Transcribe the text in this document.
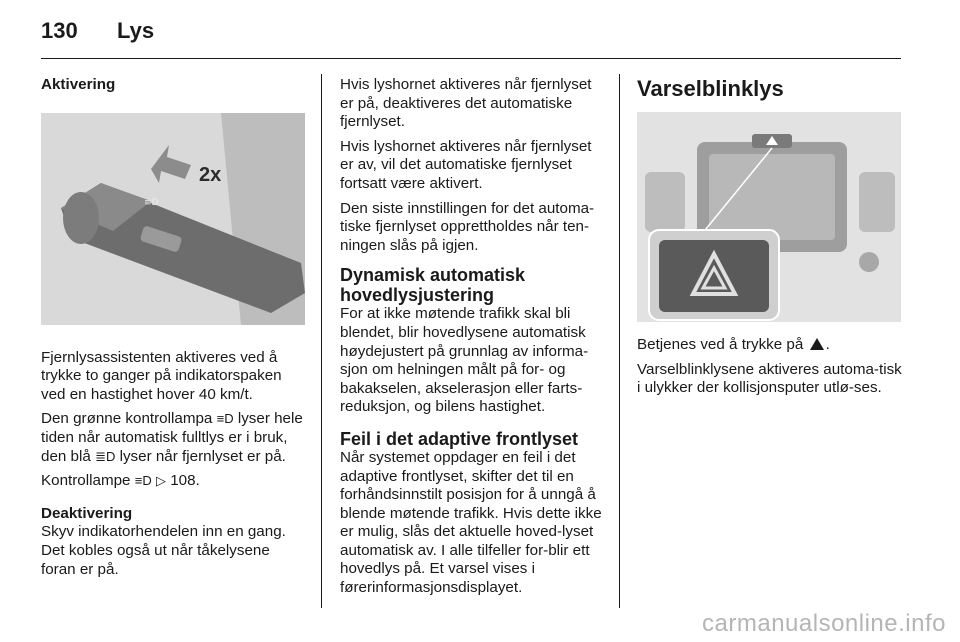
130 Lys
Aktivering
≡D
2x

Fjernlysassistenten aktiveres ved å trykke to ganger på indikatorspaken ved en hastighet hover 40 km/t.

Den grønne kontrollampa ≡D lyser hele tiden når automatisk fulltlys er i bruk, den blå ≣D lyser når fjernlyset er på.

Kontrollampe ≡D ▷ 108.

Deaktivering

Skyv indikatorhendelen inn en gang. Det kobles også ut når tåkelysene foran er på.

Hvis lyshornet aktiveres når fjernlyset er på, deaktiveres det automatiske fjernlyset.

Hvis lyshornet aktiveres når fjernlyset er av, vil det automatiske fjernlyset fortsatt være aktivert.

Den siste innstillingen for det automa-tiske fjernlyset opprettholdes når ten-ningen slås på igjen.

Dynamisk automatisk hovedlysjustering

For at ikke møtende trafikk skal bli blendet, blir hovedlysene automatisk høydejustert på grunnlag av informa-sjon om helningen målt på for- og bakakselen, akselerasjon eller farts-reduksjon, og bilens hastighet.

Feil i det adaptive frontlyset

Når systemet oppdager en feil i det adaptive frontlyset, skifter det til en forhåndsinnstilt posisjon for å unngå å blende møtende trafikk. Hvis dette ikke er mulig, slås det aktuelle hoved-lyset automatisk av. I alle tilfeller for-blir ett hovedlys på. Et varsel vises i førerinformasjonsdisplayet.

Varselblinklys

Betjenes ved å trykke på .

Varselblinklysene aktiveres automa-tisk i ulykker der kollisjonsputer utlø-ses.

carmanualsonline.info
